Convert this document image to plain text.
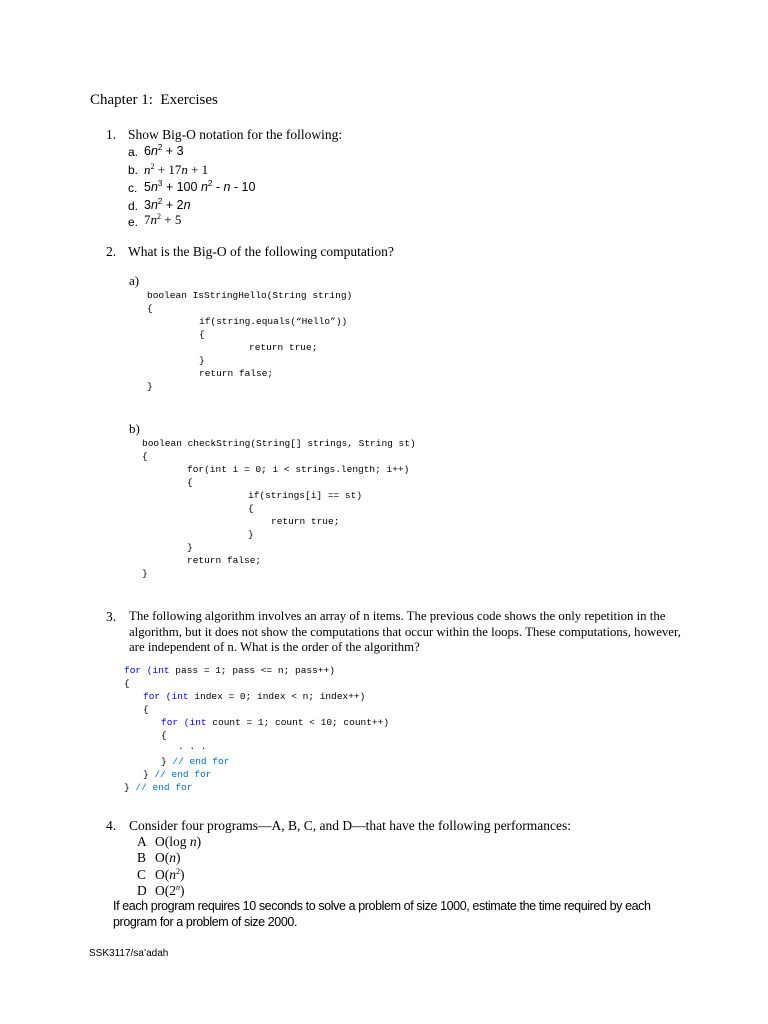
Chapter 1:  Exercises
1. Show Big-O notation for the following:
a. $6n^2 + 3$
b. $n^2 + 17n + 1$
c. $5n^3 + 100$ $n^2$ - n - 10
d. $3n^2 + 2n$
e. $7n^2 + 5$
2. What is the Big-O of the following computation?
a)
boolean IsStringHello(String string)
{
if(string.equals(“Hello”))
{
return true;
}
return false;
}
b)
boolean checkString(String[] strings, String st)
{
for(int i = 0; i < strings.length; i++)
{
if(strings[i] == st)
{
return true;
}
}
return false;
}
3. The following algorithm involves an array of n items. The previous code shows the only repetition in the
algorithm, but it does not show the computations that occur within the loops. These computations, however,
are independent of n. What is the order of the algorithm?
for (int pass = 1; pass <= n; pass++)
{
for (int index = 0; index < n; index++)
{
for (int count = 1; count < 10; count++)
{
. . .
} // end for
} // end for
} // end for
4. Consider four programs—A, B, C, and D—that have the following performances:
A O(log n)
B O(n)
C $O(n^2)$
D O(2$^n$)
If each program requires 10 seconds to solve a problem of size 1000, estimate the time required by each
program for a problem of size 2000.
SSK3117/sa’adah
